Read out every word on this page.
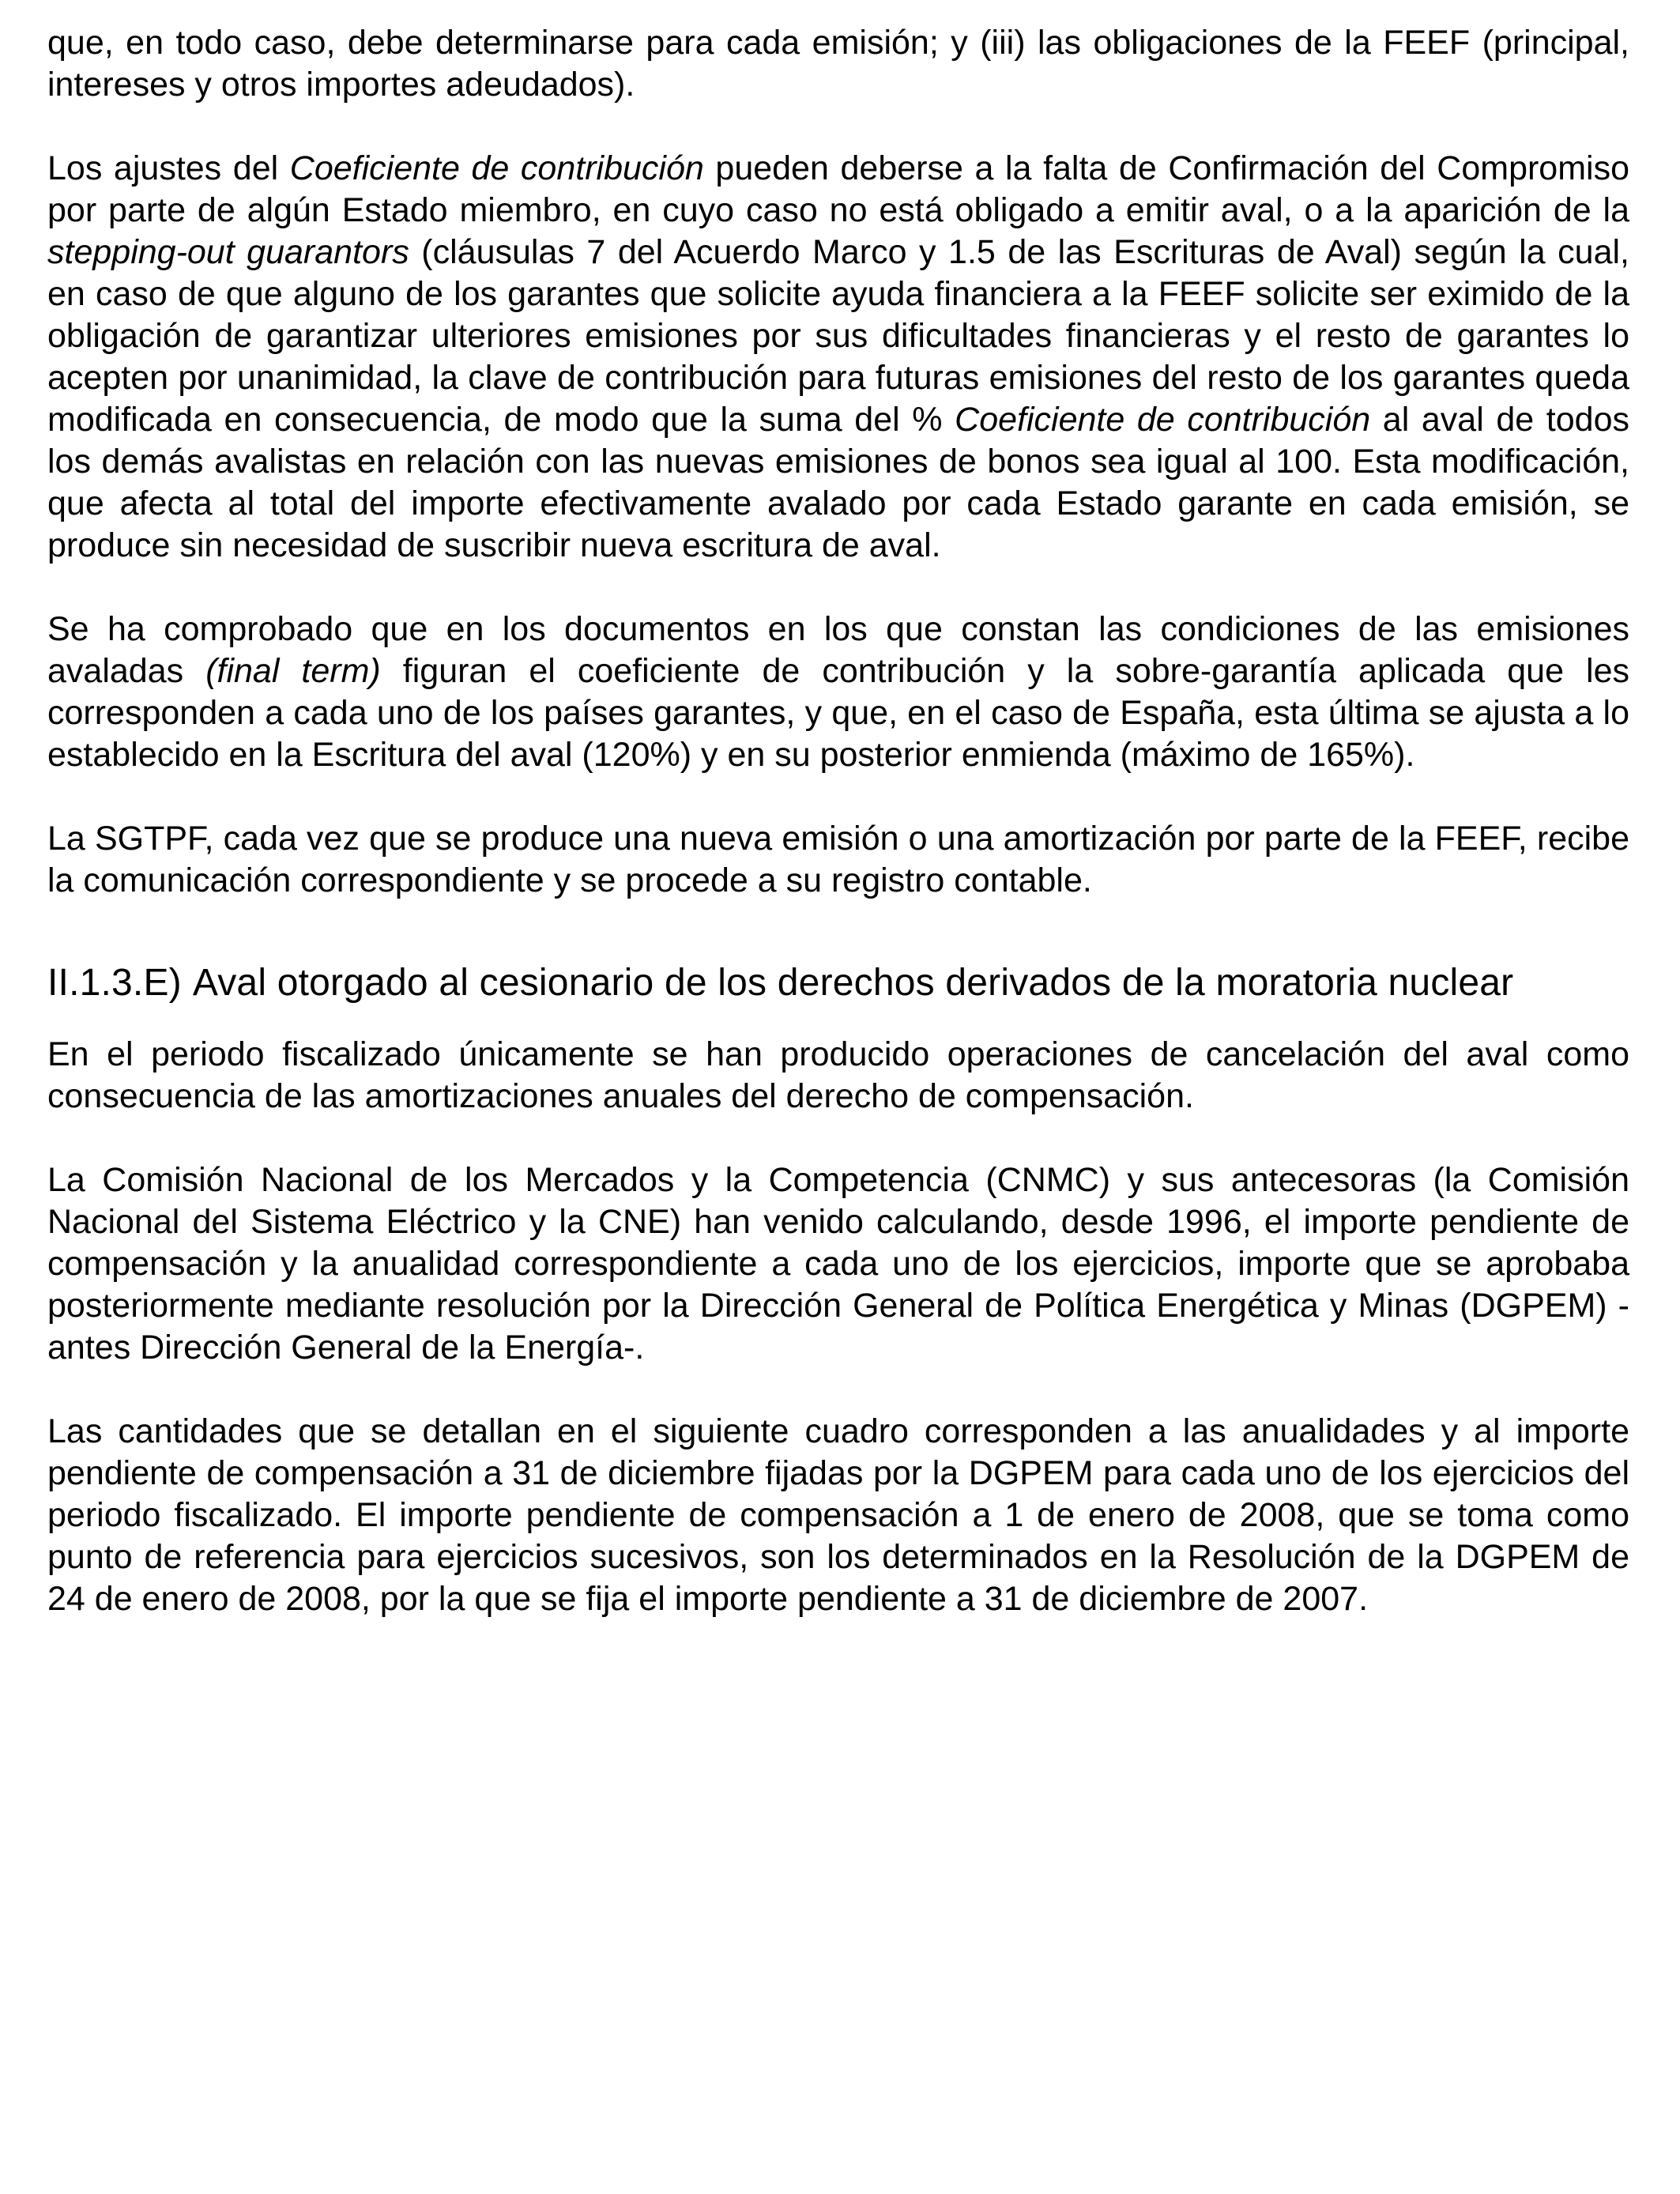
que, en todo caso, debe determinarse para cada emisión; y (iii) las obligaciones de la FEEF (principal, intereses y otros importes adeudados).

Los ajustes del Coeficiente de contribución pueden deberse a la falta de Confirmación del Compromiso por parte de algún Estado miembro, en cuyo caso no está obligado a emitir aval, o a la aparición de la stepping-out guarantors (cláusulas 7 del Acuerdo Marco y 1.5 de las Escrituras de Aval) según la cual, en caso de que alguno de los garantes que solicite ayuda financiera a la FEEF solicite ser eximido de la obligación de garantizar ulteriores emisiones por sus dificultades financieras y el resto de garantes lo acepten por unanimidad, la clave de contribución para futuras emisiones del resto de los garantes queda modificada en consecuencia, de modo que la suma del % Coeficiente de contribución al aval de todos los demás avalistas en relación con las nuevas emisiones de bonos sea igual al 100. Esta modificación, que afecta al total del importe efectivamente avalado por cada Estado garante en cada emisión, se produce sin necesidad de suscribir nueva escritura de aval.

Se ha comprobado que en los documentos en los que constan las condiciones de las emisiones avaladas (final term) figuran el coeficiente de contribución y la sobre-garantía aplicada que les corresponden a cada uno de los países garantes, y que, en el caso de España, esta última se ajusta a lo establecido en la Escritura del aval (120%) y en su posterior enmienda (máximo de 165%).

La SGTPF, cada vez que se produce una nueva emisión o una amortización por parte de la FEEF, recibe la comunicación correspondiente y se procede a su registro contable.

II.1.3.E) Aval otorgado al cesionario de los derechos derivados de la moratoria nuclear

En el periodo fiscalizado únicamente se han producido operaciones de cancelación del aval como consecuencia de las amortizaciones anuales del derecho de compensación.

La Comisión Nacional de los Mercados y la Competencia (CNMC) y sus antecesoras (la Comisión Nacional del Sistema Eléctrico y la CNE) han venido calculando, desde 1996, el importe pendiente de compensación y la anualidad correspondiente a cada uno de los ejercicios, importe que se aprobaba posteriormente mediante resolución por la Dirección General de Política Energética y Minas (DGPEM) -antes Dirección General de la Energía-.

Las cantidades que se detallan en el siguiente cuadro corresponden a las anualidades y al importe pendiente de compensación a 31 de diciembre fijadas por la DGPEM para cada uno de los ejercicios del periodo fiscalizado. El importe pendiente de compensación a 1 de enero de 2008, que se toma como punto de referencia para ejercicios sucesivos, son los determinados en la Resolución de la DGPEM de 24 de enero de 2008, por la que se fija el importe pendiente a 31 de diciembre de 2007.
